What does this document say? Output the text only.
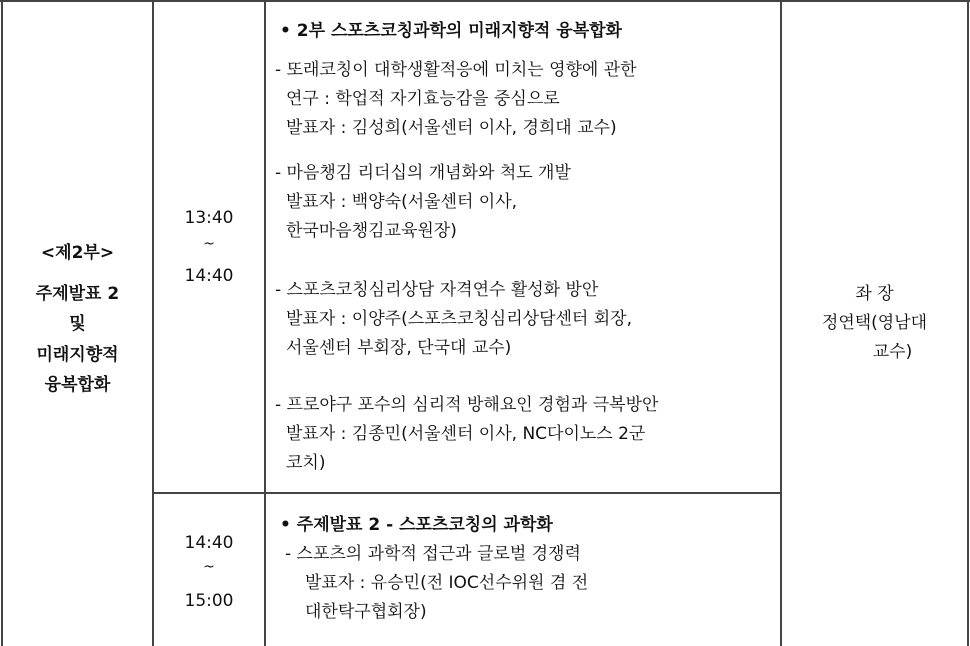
<제2부>
주제발표 2
및
미래지향적
융복합화
13:40
~
14:40
• 2부 스포츠코칭과학의 미래지향적 융복합화
- 또래코칭이 대학생활적응에 미치는 영향에 관한
연구 : 학업적 자기효능감을 중심으로
발표자 : 김성희(서울센터 이사, 경희대 교수)
- 마음챙김 리더십의 개념화와 척도 개발
발표자 : 백양숙(서울센터 이사,
한국마음챙김교육원장)
- 스포츠코칭심리상담 자격연수 활성화 방안
발표자 : 이양주(스포츠코칭심리상담센터 회장,
서울센터 부회장, 단국대 교수)
- 프로야구 포수의 심리적 방해요인 경험과 극복방안
발표자 : 김종민(서울센터 이사, NC다이노스 2군
코치)
14:40
~
15:00
• 주제발표 2 - 스포츠코칭의 과학화
- 스포츠의 과학적 접근과 글로벌 경쟁력
발표자 : 유승민(전 IOC선수위원 겸 전
대한탁구협회장)
좌 장
정연택(영남대
교수)
